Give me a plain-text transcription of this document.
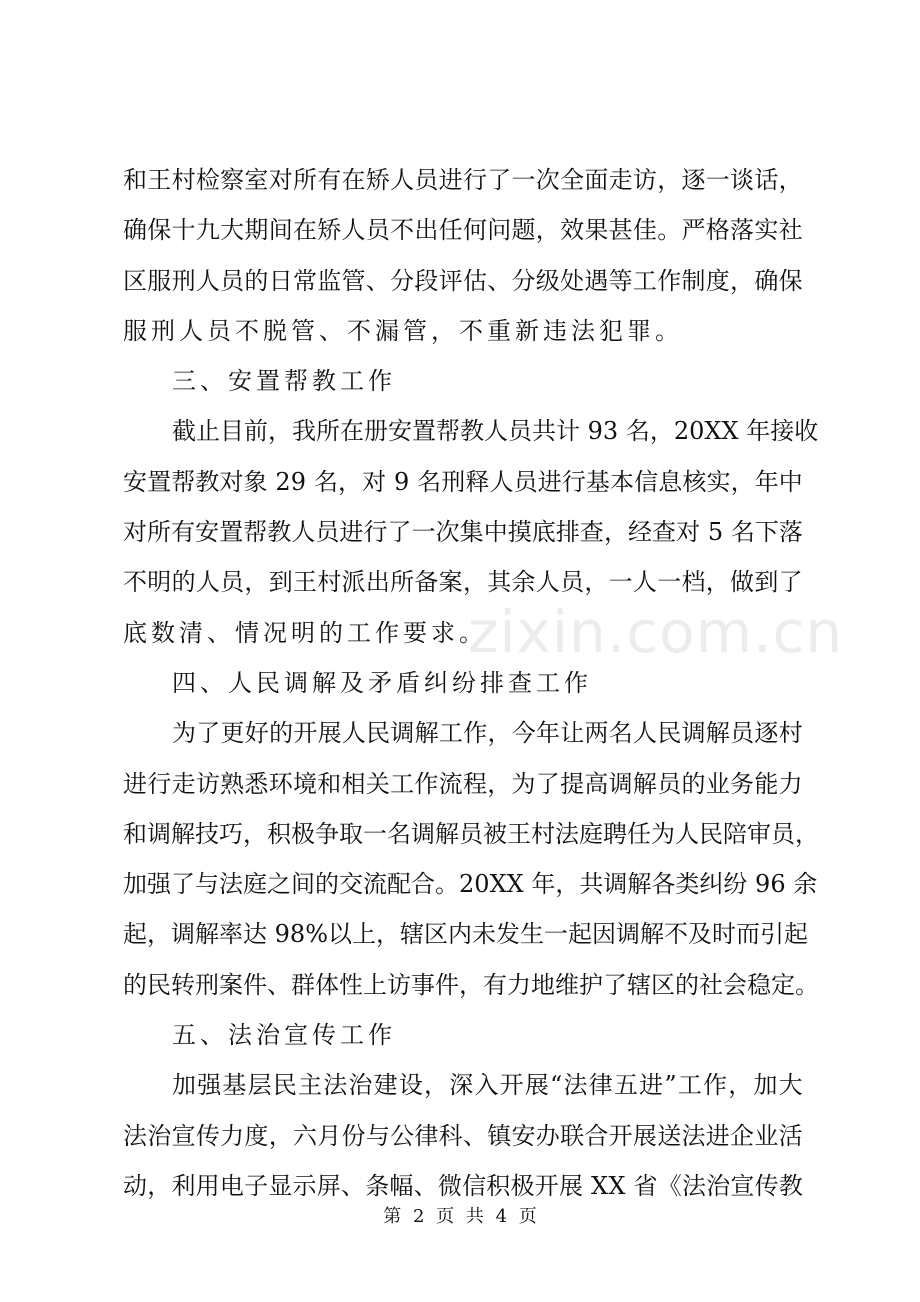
zixin.com.cn
和 王 村 检 察 室 对 所 有 在 矫 人 员 进 行 了 一 次 全 面 走 访 ， 逐 一 谈 话 ，
确 保 十 九 大 期 间 在 矫 人 员 不 出 任 何 问 题 ， 效 果 甚 佳 。 严 格 落 实 社
区 服 刑 人 员 的 日 常 监 管 、 分 段 评 估 、 分 级 处 遇 等 工 作 制 度 ， 确 保
服刑人员不脱管、不漏管，不重新违法犯罪。
三、安置帮教工作
截 止 目 前 ， 我 所 在 册 安 置 帮 教 人 员 共 计
9 3
名 ， 2 0 X X
年 接 收
安 置 帮 教 对 象
2 9
名 ， 对
9
名 刑 释 人 员 进 行 基 本 信 息 核 实 ， 年 中
对 所 有 安 置 帮 教 人 员 进 行 了 一 次 集 中 摸 底 排 查 ， 经 查 对
5
名 下 落
不 明 的 人 员 ， 到 王 村 派 出 所 备 案 ， 其 余 人 员 ， 一 人 一 档 ， 做 到 了
底数清、情况明的工作要求。
四、人民调解及矛盾纠纷排查工作
为 了 更 好 的 开 展 人 民 调 解 工 作 ， 今 年 让 两 名 人 民 调 解 员 逐 村
进 行 走 访 熟 悉 环 境 和 相 关 工 作 流 程 ， 为 了 提 高 调 解 员 的 业 务 能 力
和 调 解 技 巧 ， 积 极 争 取 一 名 调 解 员 被 王 村 法 庭 聘 任 为 人 民 陪 审 员 ，
加 强 了 与 法 庭 之 间 的 交 流 配 合 。 2 0 X X
年 ， 共 调 解 各 类 纠 纷
9 6
余
起 ， 调 解 率 达
9 8 % 以 上 ， 辖 区 内 未 发 生 一 起 因 调 解 不 及 时 而 引 起
的 民 转 刑 案 件 、 群 体 性 上 访 事 件 ， 有 力 地 维 护 了 辖 区 的 社 会 稳 定 。
五、法治宣传工作
加 强 基 层 民 主 法 治 建 设 ， 深 入 开 展 “ 法 律 五 进 ” 工 作 ， 加 大
法 治 宣 传 力 度 ， 六 月 份 与 公 律 科 、 镇 安 办 联 合 开 展 送 法 进 企 业 活
动 ， 利 用 电 子 显 示 屏 、 条 幅 、 微 信 积 极 开 展
X X
省 《 法 治 宣 传 教
第 2 页 共 4 页
